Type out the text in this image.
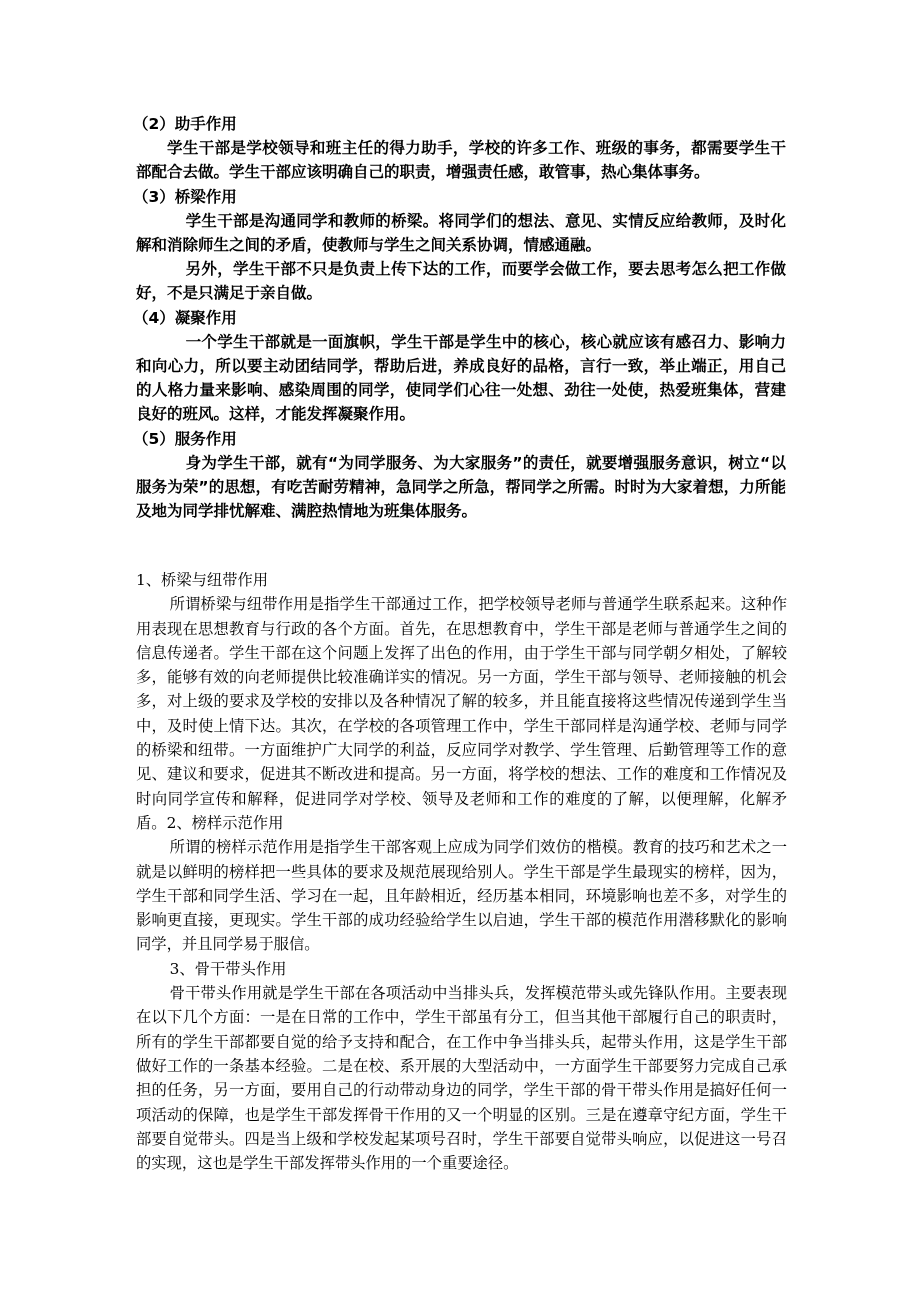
（2）助手作用

学生干部是学校领导和班主任的得力助手，学校的许多工作、班级的事务，都需要学生干部配合去做。学生干部应该明确自己的职责，增强责任感，敢管事，热心集体事务。

（3）桥梁作用

学生干部是沟通同学和教师的桥梁。将同学们的想法、意见、实情反应给教师，及时化解和消除师生之间的矛盾，使教师与学生之间关系协调，情感通融。

另外，学生干部不只是负责上传下达的工作，而要学会做工作，要去思考怎么把工作做好，不是只满足于亲自做。

（4）凝聚作用

一个学生干部就是一面旗帜，学生干部是学生中的核心，核心就应该有感召力、影响力和向心力，所以要主动团结同学，帮助后进，养成良好的品格，言行一致，举止端正，用自己的人格力量来影响、感染周围的同学，使同学们心往一处想、劲往一处使，热爱班集体，营建良好的班风。这样，才能发挥凝聚作用。

（5）服务作用

身为学生干部，就有“为同学服务、为大家服务”的责任，就要增强服务意识，树立“以服务为荣”的思想，有吃苦耐劳精神，急同学之所急，帮同学之所需。时时为大家着想，力所能及地为同学排忧解难、满腔热情地为班集体服务。

1、桥梁与纽带作用

所谓桥梁与纽带作用是指学生干部通过工作，把学校领导老师与普通学生联系起来。这种作用表现在思想教育与行政的各个方面。首先，在思想教育中，学生干部是老师与普通学生之间的信息传递者。学生干部在这个问题上发挥了出色的作用，由于学生干部与同学朝夕相处，了解较多，能够有效的向老师提供比较准确详实的情况。另一方面，学生干部与领导、老师接触的机会多，对上级的要求及学校的安排以及各种情况了解的较多，并且能直接将这些情况传递到学生当中，及时使上情下达。其次，在学校的各项管理工作中，学生干部同样是沟通学校、老师与同学的桥梁和纽带。一方面维护广大同学的利益，反应同学对教学、学生管理、后勤管理等工作的意见、建议和要求，促进其不断改进和提高。另一方面，将学校的想法、工作的难度和工作情况及时向同学宣传和解释，促进同学对学校、领导及老师和工作的难度的了解，以便理解，化解矛盾。2、榜样示范作用

所谓的榜样示范作用是指学生干部客观上应成为同学们效仿的楷模。教育的技巧和艺术之一就是以鲜明的榜样把一些具体的要求及规范展现给别人。学生干部是学生最现实的榜样，因为，学生干部和同学生活、学习在一起，且年龄相近，经历基本相同，环境影响也差不多，对学生的影响更直接，更现实。学生干部的成功经验给学生以启迪，学生干部的模范作用潜移默化的影响同学，并且同学易于服信。

3、骨干带头作用

骨干带头作用就是学生干部在各项活动中当排头兵，发挥模范带头或先锋队作用。主要表现在以下几个方面：一是在日常的工作中，学生干部虽有分工，但当其他干部履行自己的职责时，所有的学生干部都要自觉的给予支持和配合，在工作中争当排头兵，起带头作用，这是学生干部做好工作的一条基本经验。二是在校、系开展的大型活动中，一方面学生干部要努力完成自己承担的任务，另一方面，要用自己的行动带动身边的同学，学生干部的骨干带头作用是搞好任何一项活动的保障，也是学生干部发挥骨干作用的又一个明显的区别。三是在遵章守纪方面，学生干部要自觉带头。四是当上级和学校发起某项号召时，学生干部要自觉带头响应，以促进这一号召的实现，这也是学生干部发挥带头作用的一个重要途径。
